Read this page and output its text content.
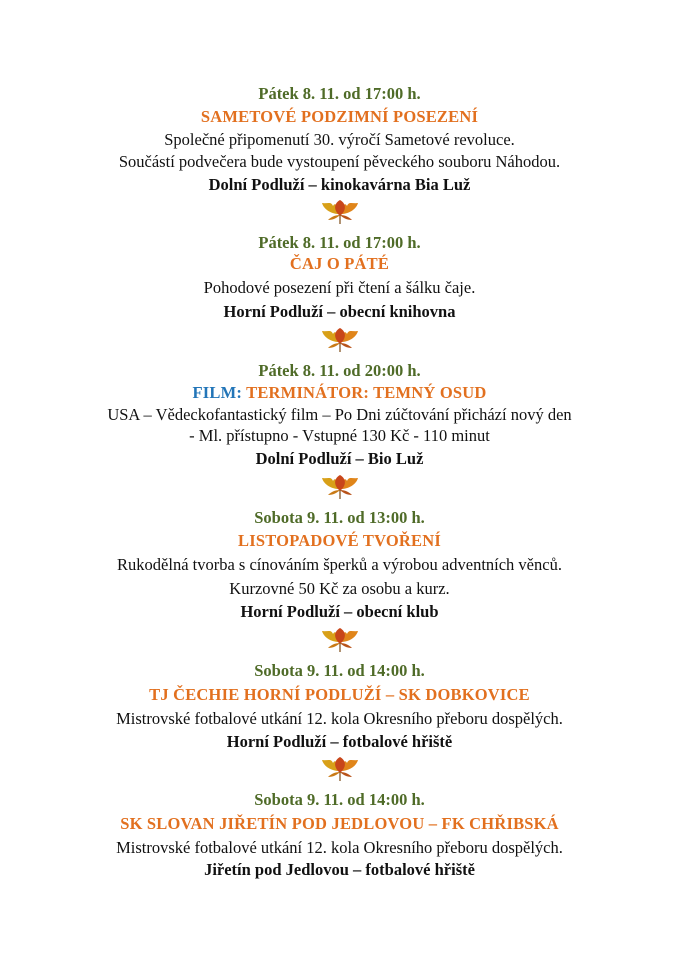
Pátek 8. 11. od 17:00 h.
SAMETOVÉ PODZIMNÍ POSEZENÍ
Společné připomenutí 30. výročí Sametové revoluce.
Součástí podvečera bude vystoupení pěveckého souboru Náhodou.
Dolní Podluží – kinokavárna Bia Luž
Pátek 8. 11. od 17:00 h.
ČAJ O PÁTÉ
Pohodové posezení při čtení a šálku čaje.
Horní Podluží – obecní knihovna
Pátek 8. 11. od 20:00 h.
FILM: TERMINÁTOR: TEMNÝ OSUD
USA – Vědeckofantastický film – Po Dni zúčtování přichází nový den
- Ml. přístupno - Vstupné 130 Kč - 110 minut
Dolní Podluží – Bio Luž
Sobota 9. 11. od 13:00 h.
LISTOPADOVÉ TVOŘENÍ
Rukodělná tvorba s cínováním šperků a výrobou adventních věnců.
Kurzovné 50 Kč za osobu a kurz.
Horní Podluží – obecní klub
Sobota 9. 11. od 14:00 h.
TJ ČECHIE HORNÍ PODLUŽÍ – SK DOBKOVICE
Mistrovské fotbalové utkání 12. kola Okresního přeboru dospělých.
Horní Podluží – fotbalové hřiště
Sobota 9. 11. od 14:00 h.
SK SLOVAN JIŘETÍN POD JEDLOVOU – FK CHŘIBSKÁ
Mistrovské fotbalové utkání 12. kola Okresního přeboru dospělých.
Jiřetín pod Jedlovou – fotbalové hřiště
